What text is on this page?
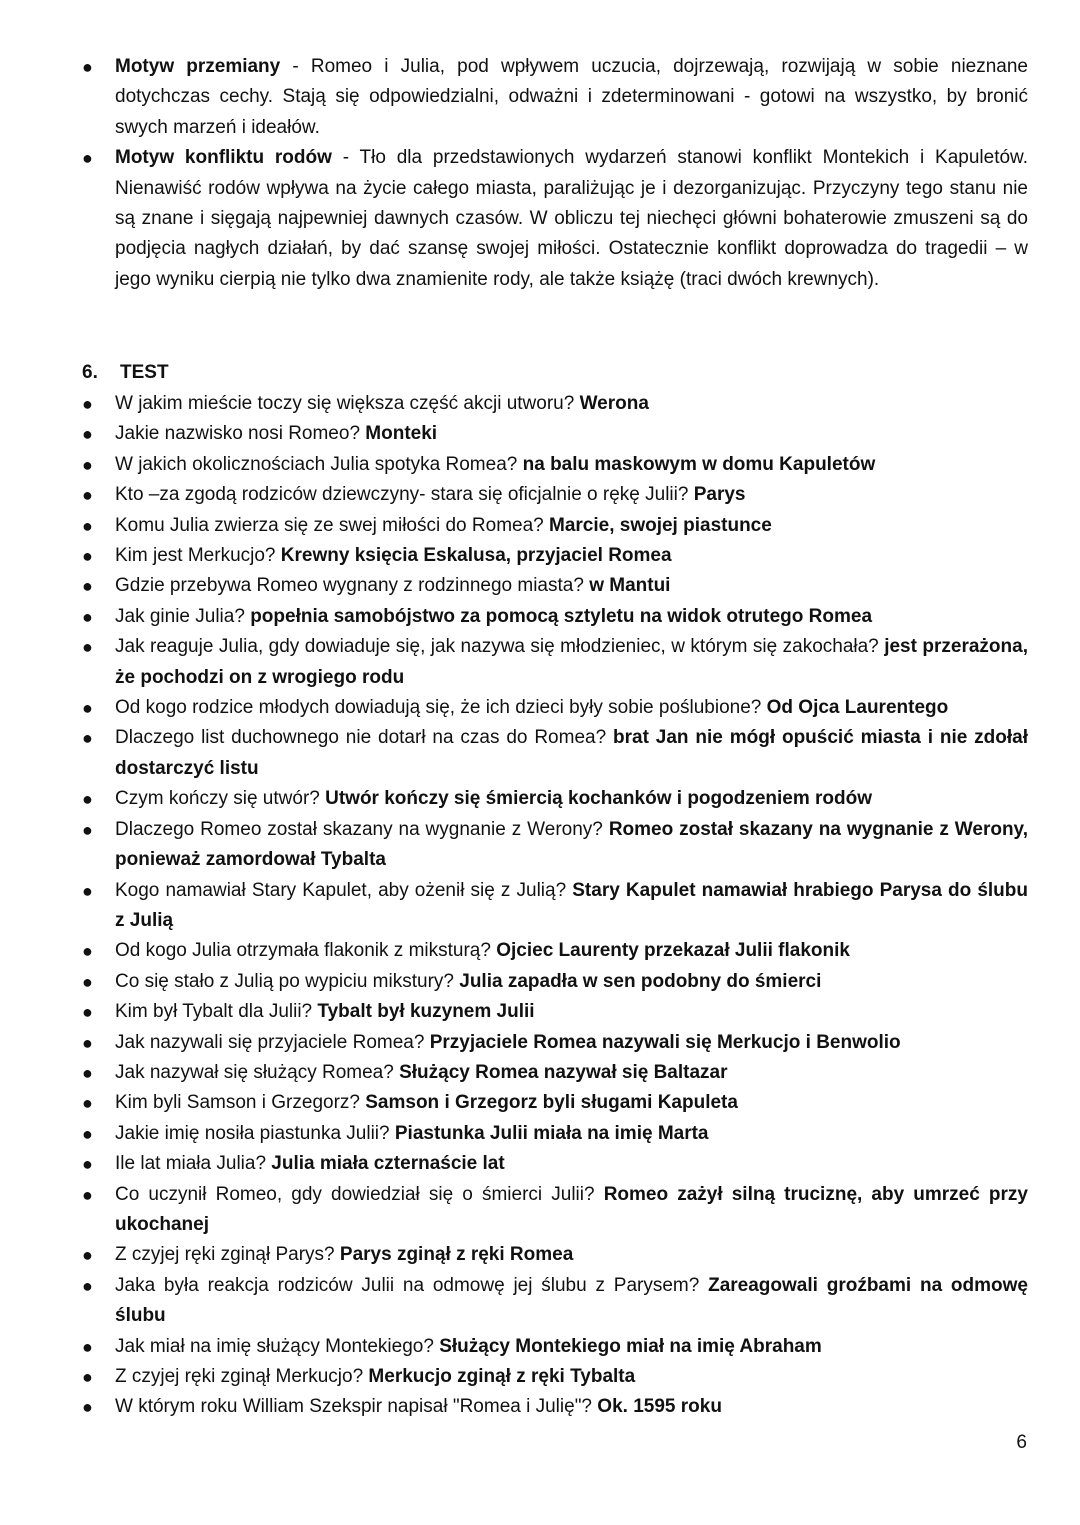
● Motyw przemiany - Romeo i Julia, pod wpływem uczucia, dojrzewają, rozwijają w sobie nieznane dotychczas cechy. Stają się odpowiedzialni, odważni i zdeterminowani - gotowi na wszystko, by bronić swych marzeń i ideałów.
● Motyw konfliktu rodów - Tło dla przedstawionych wydarzeń stanowi konflikt Montekich i Kapuletów. Nienawiść rodów wpływa na życie całego miasta, paraliżując je i dezorganizując. Przyczyny tego stanu nie są znane i sięgają najpewniej dawnych czasów. W obliczu tej niechęci główni bohaterowie zmuszeni są do podjęcia nagłych działań, by dać szansę swojej miłości. Ostatecznie konflikt doprowadza do tragedii – w jego wyniku cierpią nie tylko dwa znamienite rody, ale także książę (traci dwóch krewnych).
6. TEST
● W jakim mieście toczy się większa część akcji utworu? Werona
● Jakie nazwisko nosi Romeo? Monteki
● W jakich okolicznościach Julia spotyka Romea? na balu maskowym w domu Kapuletów
● Kto –za zgodą rodziców dziewczyny- stara się oficjalnie o rękę Julii? Parys
● Komu Julia zwierza się ze swej miłości do Romea? Marcie, swojej piastunce
● Kim jest Merkucjo? Krewny księcia Eskalusa, przyjaciel Romea
● Gdzie przebywa Romeo wygnany z rodzinnego miasta? w Mantui
● Jak ginie Julia? popełnia samobójstwo za pomocą sztyletu na widok otrutego Romea
● Jak reaguje Julia, gdy dowiaduje się, jak nazywa się młodzieniec, w którym się zakochała? jest przerażona, że pochodzi on z wrogiego rodu
● Od kogo rodzice młodych dowiadują się, że ich dzieci były sobie poślubione? Od Ojca Laurentego
● Dlaczego list duchownego nie dotarł na czas do Romea? brat Jan nie mógł opuścić miasta i nie zdołał dostarczyć listu
● Czym kończy się utwór? Utwór kończy się śmiercią kochanków i pogodzeniem rodów
● Dlaczego Romeo został skazany na wygnanie z Werony? Romeo został skazany na wygnanie z Werony, ponieważ zamordował Tybalta
● Kogo namawiał Stary Kapulet, aby ożenił się z Julią? Stary Kapulet namawiał hrabiego Parysa do ślubu z Julią
● Od kogo Julia otrzymała flakonik z miksturą? Ojciec Laurenty przekazał Julii flakonik
● Co się stało z Julią po wypiciu mikstury? Julia zapadła w sen podobny do śmierci
● Kim był Tybalt dla Julii? Tybalt był kuzynem Julii
● Jak nazywali się przyjaciele Romea? Przyjaciele Romea nazywali się Merkucjo i Benwolio
● Jak nazywał się służący Romea? Służący Romea nazywał się Baltazar
● Kim byli Samson i Grzegorz? Samson i Grzegorz byli sługami Kapuleta
● Jakie imię nosiła piastunka Julii? Piastunka Julii miała na imię Marta
● Ile lat miała Julia? Julia miała czternaście lat
● Co uczynił Romeo, gdy dowiedział się o śmierci Julii? Romeo zażył silną truciznę, aby umrzeć przy ukochanej
● Z czyjej ręki zginął Parys? Parys zginął z ręki Romea
● Jaka była reakcja rodziców Julii na odmowę jej ślubu z Parysem? Zareagowali groźbami na odmowę ślubu
● Jak miał na imię służący Montekiego? Służący Montekiego miał na imię Abraham
● Z czyjej ręki zginął Merkucjo? Merkucjo zginął z ręki Tybalta
● W którym roku William Szekspir napisał "Romea i Julię"? Ok. 1595 roku
6
